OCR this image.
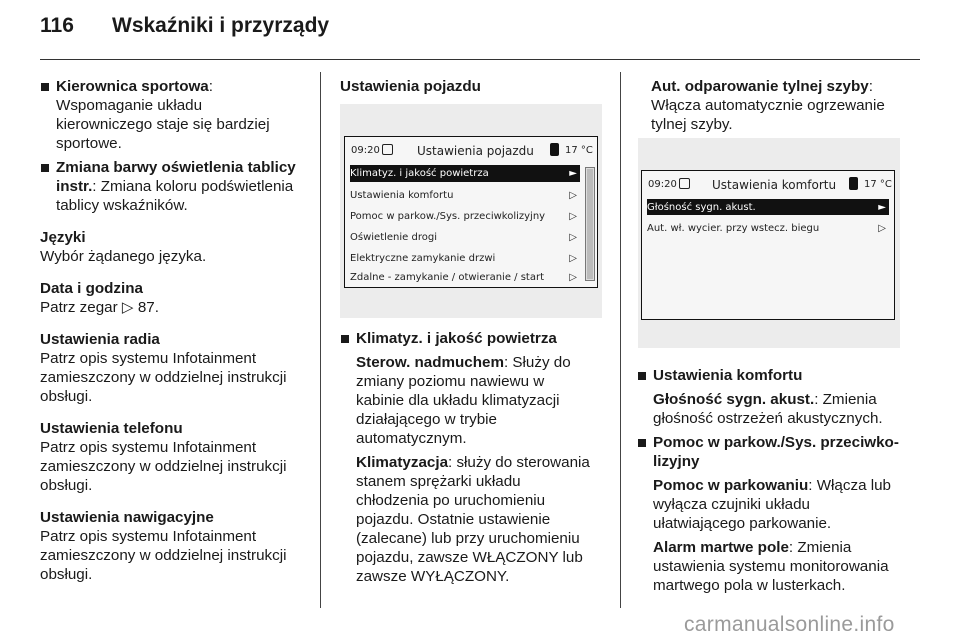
116 Wskaźniki i przyrządy

Kierownica sportowa:

Wspomaganie układu

kierowniczego staje się bardziej

sportowe.

Zmiana barwy oświetlenia tablicy

instr.: Zmiana koloru podświetlenia

tablicy wskaźników.

Języki

Wybór żądanego języka.

Data i godzina

Patrz zegar ▷ 87.

Ustawienia radia

Patrz opis systemu Infotainment

zamieszczony w oddzielnej instrukcji

obsługi.

Ustawienia telefonu

Patrz opis systemu Infotainment

zamieszczony w oddzielnej instrukcji

obsługi.

Ustawienia nawigacyjne

Patrz opis systemu Infotainment

zamieszczony w oddzielnej instrukcji

obsługi.

Ustawienia pojazdu

09:20	Ustawienia pojazdu	17 °C
Klimatyz. i jakość powietrza	►
Ustawienia komfortu	▷
Pomoc w parkow./Sys. przeciwkolizyjny ▷
Oświetlenie drogi	▷
Elektryczne zamykanie drzwi	▷
Zdalne - zamykanie / otwieranie / start	▷

Klimatyz. i jakość powietrza

Sterow. nadmuchem: Służy do

zmiany poziomu nawiewu w

kabinie dla układu klimatyzacji

działającego w trybie

automatycznym.

Klimatyzacja: służy do sterowania

stanem sprężarki układu

chłodzenia po uruchomieniu

pojazdu. Ostatnie ustawienie

(zalecane) lub przy uruchomieniu

pojazdu, zawsze WŁĄCZONY lub

zawsze WYŁĄCZONY.

Aut. odparowanie tylnej szyby:

Włącza automatycznie ogrzewanie

tylnej szyby.

09:20	Ustawienia komfortu	17 °C
Głośność sygn. akust.	►
Aut. wł. wycier. przy wstecz. biegu	▷

Ustawienia komfortu

Głośność sygn. akust.: Zmienia

głośność ostrzeżeń akustycznych.

Pomoc w parkow./Sys. przeciwko-

lizyjny

Pomoc w parkowaniu: Włącza lub

wyłącza czujniki układu

ułatwiającego parkowanie.

Alarm martwe pole: Zmienia

ustawienia systemu monitorowania

martwego pola w lusterkach.

carmanualsonline.info
